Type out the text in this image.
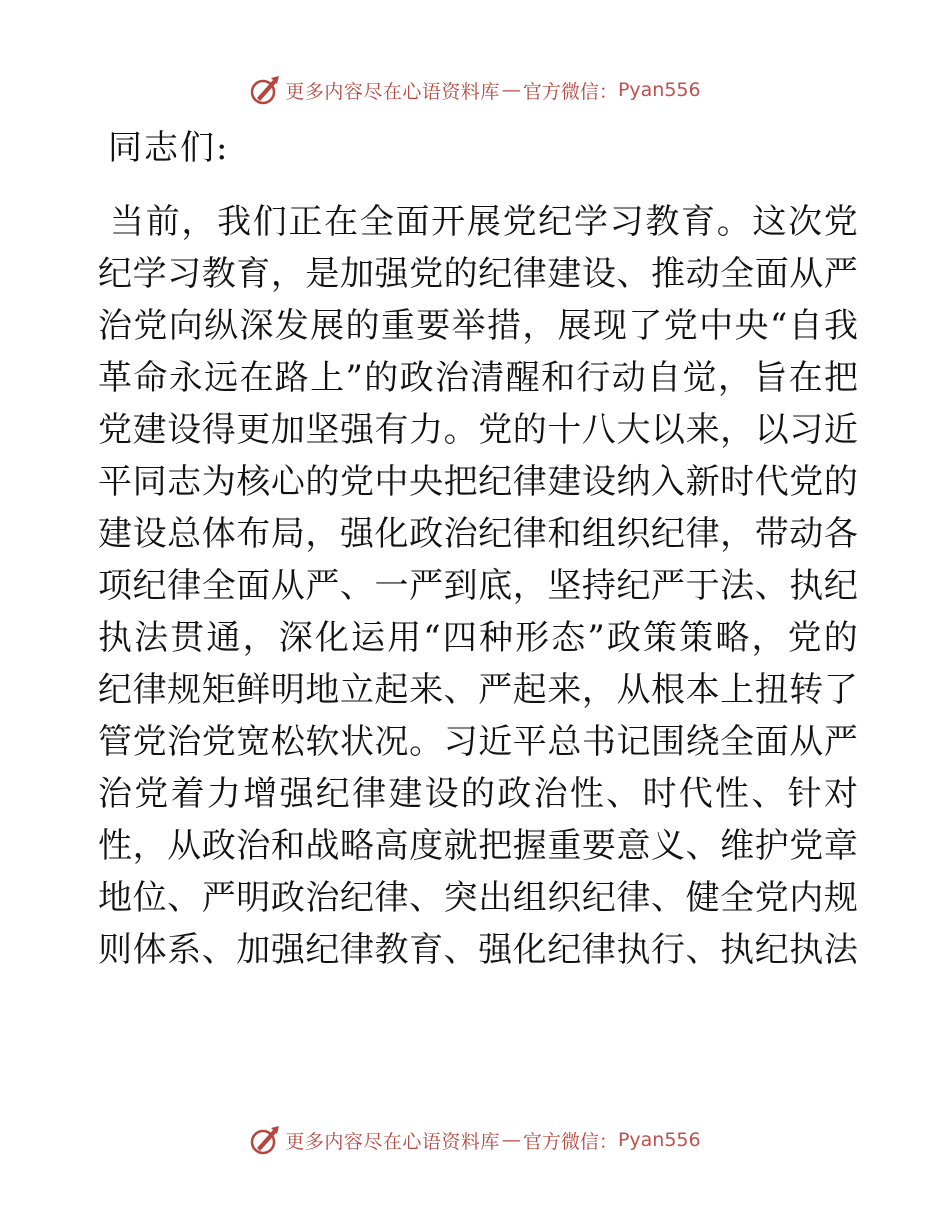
更多内容尽在心语资料库 — 官方微信： Pyan556
同志们:
当 前 ， 我 们 正 在 全 面 开 展 党 纪 学 习 教 育 。 这 次 党
纪 学 习 教 育 ， 是 加 强 党 的 纪 律 建 设 、 推 动 全 面 从 严
治 党 向 纵 深 发 展 的 重 要 举 措 ， 展 现 了 党 中 央 “ 自 我
革 命 永 远 在 路 上 ” 的 政 治 清 醒 和 行 动 自 觉 ， 旨 在 把
党 建 设 得 更 加 坚 强 有 力 。 党 的 十 八 大 以 来 ， 以 习 近
平 同 志 为 核 心 的 党 中 央 把 纪 律 建 设 纳 入 新 时 代 党 的
建 设 总 体 布 局 ， 强 化 政 治 纪 律 和 组 织 纪 律 ， 带 动 各
项 纪 律 全 面 从 严 、 一 严 到 底 ， 坚 持 纪 严 于 法 、 执 纪
执 法 贯 通 ， 深 化 运 用 “ 四 种 形 态 ” 政 策 策 略 ， 党 的
纪 律 规 矩 鲜 明 地 立 起 来 、 严 起 来 ， 从 根 本 上 扭 转 了
管 党 治 党 宽 松 软 状 况 。 习 近 平 总 书 记 围 绕 全 面 从 严
治 党 着 力 增 强 纪 律 建 设 的 政 治 性 、 时 代 性 、 针 对
性 ， 从 政 治 和 战 略 高 度 就 把 握 重 要 意 义 、 维 护 党 章
地 位 、 严 明 政 治 纪 律 、 突 出 组 织 纪 律 、 健 全 党 内 规
则 体 系 、 加 强 纪 律 教 育 、 强 化 纪 律 执 行 、 执 纪 执 法
更多内容尽在心语资料库 — 官方微信： Pyan556
